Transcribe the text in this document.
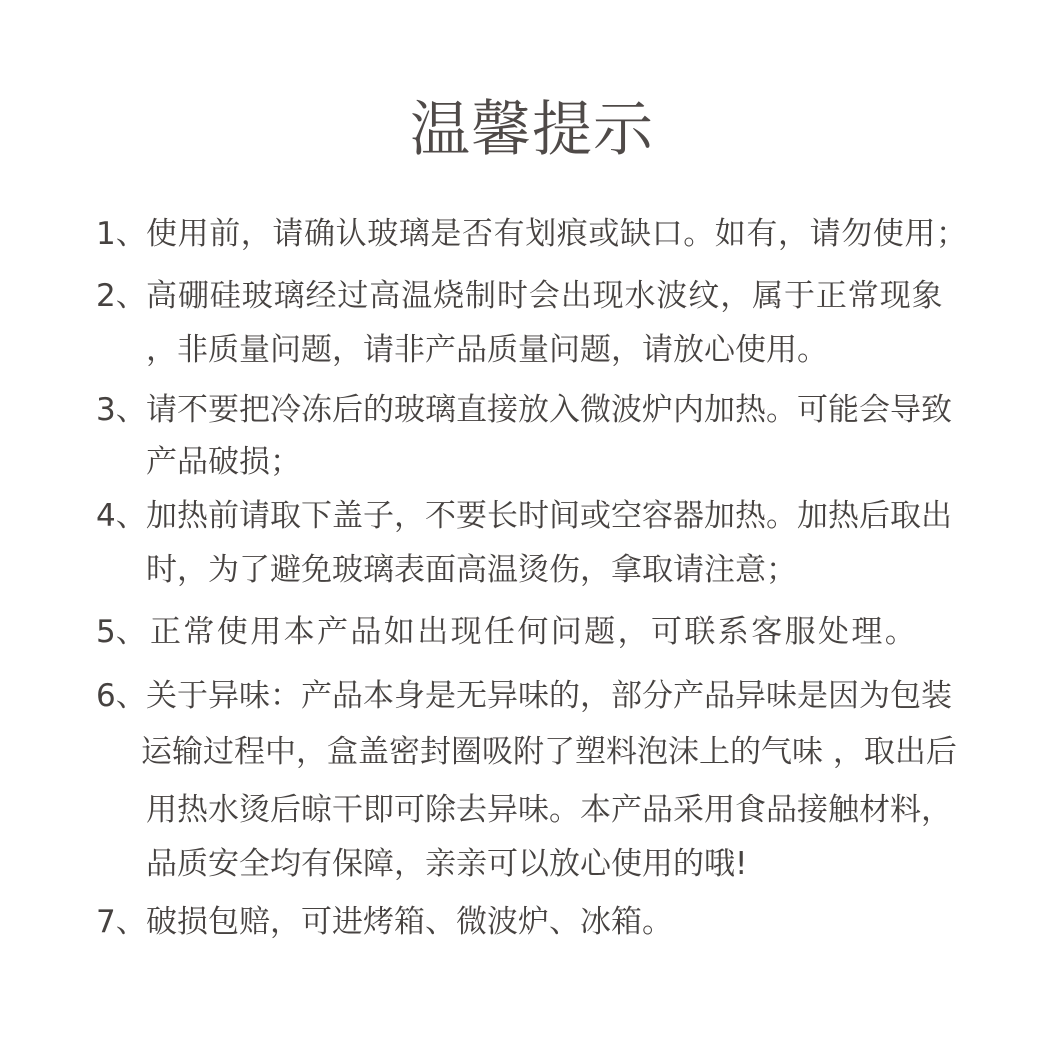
温馨提示
1、 使用前，请确认玻璃是否有划痕或缺口。如有，请勿使用；
2、 高硼硅玻璃经过高温烧制时会出现水波纹，属于正常现象
，非质量问题，请非产品质量问题，请放心使用。
3、 请不要把冷冻后的玻璃直接放入微波炉内加热。可能会导致
产品破损；
4、 加热前请取下盖子，不要长时间或空容器加热。加热后取出
时，为了避免玻璃表面高温烫伤，拿取请注意；
5、 正常使用本产品如出现任何问题，可联系客服处理。
6、 关于异味：产品本身是无异味的，部分产品异味是因为包装
运输过程中，盒盖密封圈吸附了塑料泡沫上的气味 ，取出后
用热水烫后晾干即可除去异味。本产品采用食品接触材料，
品质安全均有保障，亲亲可以放心使用的哦!
7、 破损包赔，可进烤箱、微波炉、冰箱。
